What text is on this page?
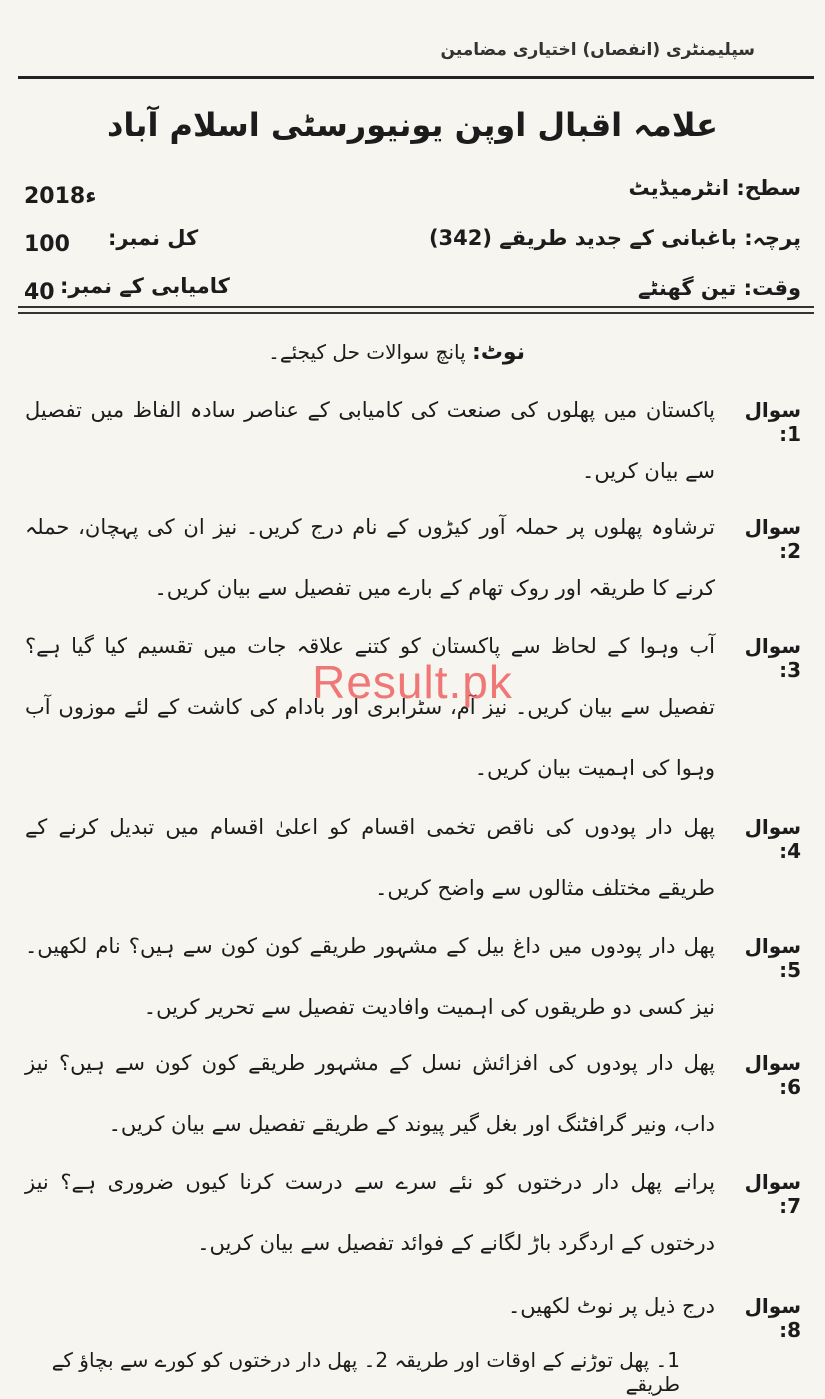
سپلیمنٹری (انفصاں) اختیاری مضامین
علامہ اقبال اوپن یونیورسٹی اسلام آباد
سطح: انٹرمیڈیٹ
2018ء
پرچہ: باغبانی کے جدید طریقے (342)
100 کل نمبر:
وقت: تین گھنٹے
40 کامیابی کے نمبر:
نوٹ: پانچ سوالات حل کیجئے۔
سوال 1:
پاکستان میں پھلوں کی صنعت کی کامیابی کے عناصر سادہ الفاظ میں تفصیل سے بیان کریں۔
سوال 2:
ترشاوہ پھلوں پر حملہ آور کیڑوں کے نام درج کریں۔ نیز ان کی پہچان، حملہ کرنے کا طریقہ اور روک تھام کے بارے میں تفصیل سے بیان کریں۔
سوال 3:
آب وہوا کے لحاظ سے پاکستان کو کتنے علاقہ جات میں تقسیم کیا گیا ہے؟ تفصیل سے بیان کریں۔ نیز آم، سٹرابری اور بادام کی کاشت کے لئے موزوں آب وہوا کی اہمیت بیان کریں۔
سوال 4:
پھل دار پودوں کی ناقص تخمی اقسام کو اعلیٰ اقسام میں تبدیل کرنے کے طریقے مختلف مثالوں سے واضح کریں۔
سوال 5:
پھل دار پودوں میں داغ بیل کے مشہور طریقے کون کون سے ہیں؟ نام لکھیں۔ نیز کسی دو طریقوں کی اہمیت وافادیت تفصیل سے تحریر کریں۔
سوال 6:
پھل دار پودوں کی افزائش نسل کے مشہور طریقے کون کون سے ہیں؟ نیز داب، ونیر گرافٹنگ اور بغل گیر پیوند کے طریقے تفصیل سے بیان کریں۔
سوال 7:
پرانے پھل دار درختوں کو نئے سرے سے درست کرنا کیوں ضروری ہے؟ نیز درختوں کے اردگرد باڑ لگانے کے فوائد تفصیل سے بیان کریں۔
سوال 8:
درج ذیل پر نوٹ لکھیں۔
1۔ پھل توڑنے کے اوقات اور طریقہ 2۔ پھل دار درختوں کو کورے سے بچاؤ کے طریقے
Result.pk
